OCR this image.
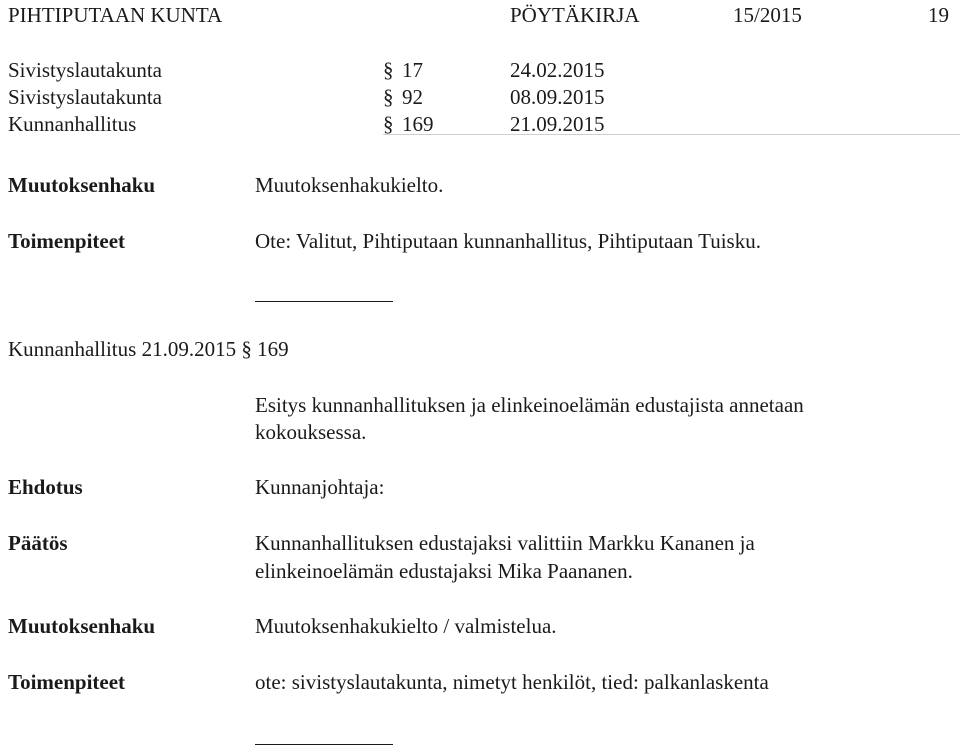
PIHTIPUTAAN KUNTA	PÖYTÄKIRJA	15/2015	19
Sivistyslautakunta	§ 17	24.02.2015
Sivistyslautakunta	§ 92	08.09.2015
Kunnanhallitus	§ 169	21.09.2015
Muutoksenhaku	Muutoksenhakukielto.
Toimenpiteet	Ote: Valitut, Pihtiputaan kunnanhallitus, Pihtiputaan Tuisku.
Kunnanhallitus 21.09.2015 § 169
Esitys kunnanhallituksen ja elinkeinoelämän edustajista annetaan
kokouksessa.
Ehdotus	Kunnanjohtaja:
Päätös	Kunnanhallituksen edustajaksi valittiin Markku Kananen ja
elinkeinoelämän edustajaksi Mika Paananen.
Muutoksenhaku	Muutoksenhakukielto / valmistelua.
Toimenpiteet	ote: sivistyslautakunta, nimetyt henkilöt, tied: palkanlaskenta
